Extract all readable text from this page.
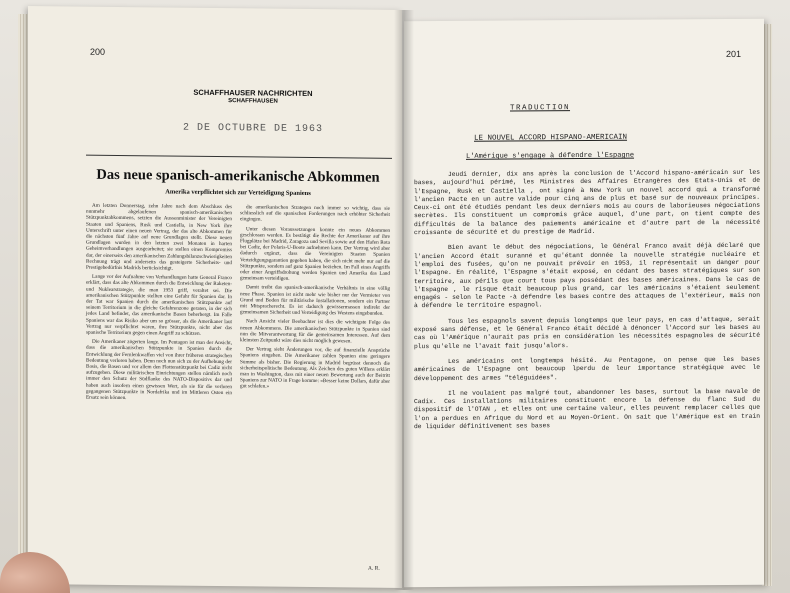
200
SCHAFFHAUSER NACHRICHTEN
SCHAFFHAUSEN
2 DE OCTUBRE DE 1963
Das neue spanisch-amerikanische Abkommen
Amerika verpflichtet sich zur Verteidigung Spaniens

Am letzten Donnerstag, zehn Jahre nach dem Abschluss des nunmehr abgelaufenen spanisch-amerikanischen Stützpunktabkommens, setzten die Aussenminister der Vereinigten Staaten und Spaniens, Rusk und Castiella, in New York ihre Unterschrift unter einen neuen Vertrag, der das alte Abkommen für die nächsten fünf Jahre auf neue Grundlagen stellt. Diese neuen Grundlagen wurden in den letzten zwei Monaten in harten Geheimverhandlungen ausgearbeitet; sie stellen einen Kompromiss dar, der einerseits den amerikanischen Zahlungsbilanzschwierigkeiten Rechnung trägt und anderseits das gesteigerte Sicherheits- und Prestigebedürfnis Madrids berücksichtigt.

Lange vor der Aufnahme von Verhandlungen hatte General Franco erklärt, dass das alte Abkommen durch die Entwicklung der Raketen- und Nuklearstrategie, die man 1953 griff, veraltet sei. Die amerikanischen Stützpunkte stellten eine Gefahr für Spanien dar. In der Tat war Spanien durch die amerikanischen Stützpunkte auf seinem Territorium in die gleiche Gefahrenzone geraten, in der sich jedes Land befindet, das amerikanische Basen beherbergt. Im Falle Spaniens war das Risiko aber um so grösser, als die Amerikaner laut Vertrag nur verpflichtet waren, ihre Stützpunkte, nicht aber das spanische Territorium gegen einen Angriff zu schützen.

Die Amerikaner zögerten lange. Im Pentagon ist man der Ansicht, dass die amerikanischen Stützpunkte in Spanien durch die Entwicklung der Fernlenkwaffen viel von ihrer früheren strategischen Bedeutung verloren haben. Denn noch nun sich zu der Aufhebung der Basis, die Basen und vor allem den Flottenstützpunkt bei Cadiz nicht aufzugeben. Diese militärischen Einrichtungen stellen nämlich noch immer den Schutz der Südflanke des NATO-Dispositivs dar und haben auch insofern einen gewissen Wert, als sie für die verloren gegangenen Stützpunkte in Nordafrika und im Mittleren Osten ein Ersatz sein können.

die amerikanischen Strategen noch immer so wichtig, dass sie schliesslich auf die spanischen Forderungen nach erhöhter Sicherheit eingingen.

Unter diesen Voraussetzungen konnte ein neues Abkommen geschlossen werden. Es bestätigt die Rechte der Amerikaner auf ihre Flugplätze bei Madrid, Zaragoza und Sevilla sowie auf den Hafen Rota bei Cadiz, der Polaris-U-Boote aufnehmen kann. Der Vertrag wird aber dadurch ergänzt, dass die Vereinigten Staaten Spanien Verteidigungsgarantien gegeben haben, die sich nicht mehr nur auf die Stützpunkte, sondern auf ganz Spanien beziehen. Im Fall eines Angriffs oder einer Angriffsdrohung werden Spanien und Amerika das Land gemeinsam verteidigen.

Damit treibt das spanisch-amerikanische Verhältnis in eine völlig neue Phase. Spanien ist nicht mehr wie bisher nur der Vermieter von Grund und Boden für militärische Installationen, sondern ein Partner mit Mitspracherecht. Es ist dadurch gewissermassen indirekt der gemeinsamen Sicherheit und Verteidigung des Westens eingebunden.

Nach Ansicht vieler Beobachter ist dies die wichtigste Folge des neuen Abkommens. Die amerikanischen Stützpunkte in Spanien sind nun die Mitverantwortung für die gemeinsamen Interessen. Auf dem kleinsten Zeitpunkt wäre dies nicht möglich gewesen.

Der Vertrag sieht Änderungen vor, die auf finanzielle Ansprüche Spaniens eingehen. Die Amerikaner zahlen Spanien eine geringere Summe als bisher. Die Regierung in Madrid begrüsst dennoch die sicherheitspolitische Bedeutung. Als Zeichen des guten Willens erklärt man in Washington, dass mit einer neuen Bewertung auch der Beitritt Spaniens zur NATO in Frage komme: «Besser keine Dollars, dafür aber gut schlafen.»

A. R.
201
TRADUCTION
LE NOUVEL ACCORD HISPANO-AMERICAIN
L'Amérique s'engage à défendre l'Espagne

Jeudi dernier, dix ans après la conclusion de l'Accord hispano-américain sur les bases, aujourd'hui périmé, les Ministres des Affaires Etrangères des Etats-Unis et de l'Espagne, Rusk et Castiella , ont signé à New York un nouvel accord qui a transformé l'ancien Pacte en un autre valide pour cinq ans de plus et basé sur de nouveaux principes. Ceux-ci ont été étudiés pendant les deux derniers mois au cours de laborieuses négociations secrètes. Ils constituent un compromis grâce auquel, d'une part, on tient compte des difficultés de la balance des paiements américaine et d'autre part de la nécessité croissante de sécurité et du prestige de Madrid.

Bien avant le début des négociations, le Général Franco avait déjà déclaré que l'ancien Accord était suranné et qu'étant donnée la nouvelle stratégie nucléaire et l'emploi des fusées, qu'on ne pouvait prévoir en 1953, il représentait un danger pour l'Espagne. En réalité, l'Espagne s'était exposé, en cédant des bases stratégiques sur son territoire, aux périls que court tous pays possédant des bases américaines. Dans le cas de l'Espagne , le risque était beaucoup plus grand, car les américains s'étaient seulement engagés - selon le Pacte -à défendre les bases contre des attaques de l'extérieur, mais non à défendre le territoire espagnol.

Tous les espagnols savent depuis longtemps que leur pays, en cas d'attaque, serait exposé sans défense, et le Général Franco était décidé à dénoncer l'Accord sur les bases au cas où l'Amérique n'aurait pas pris en considération les nécessités espagnoles de sécurité plus qu'elle ne l'avait fait jusqu'alors.

Les américains ont longtemps hésité. Au Pentagone, on pense que les bases américaines de l'Espagne ont beaucoup lperdu de leur importance stratégique avec le développement des armes "téléguidées".

Il ne voulaient pas malgré tout, abandonner les bases, surtout la base navale de Cadix. Ces installations militaires constituent encore la défense du flanc Sud du dispositif de l'OTAN , et elles ont une certaine valeur, elles peuvent remplacer celles que l'on a perdues en Afrique du Nord et au Moyen-Orient. On sait que l'Amérique est en train de liquider définitivement ses bases
